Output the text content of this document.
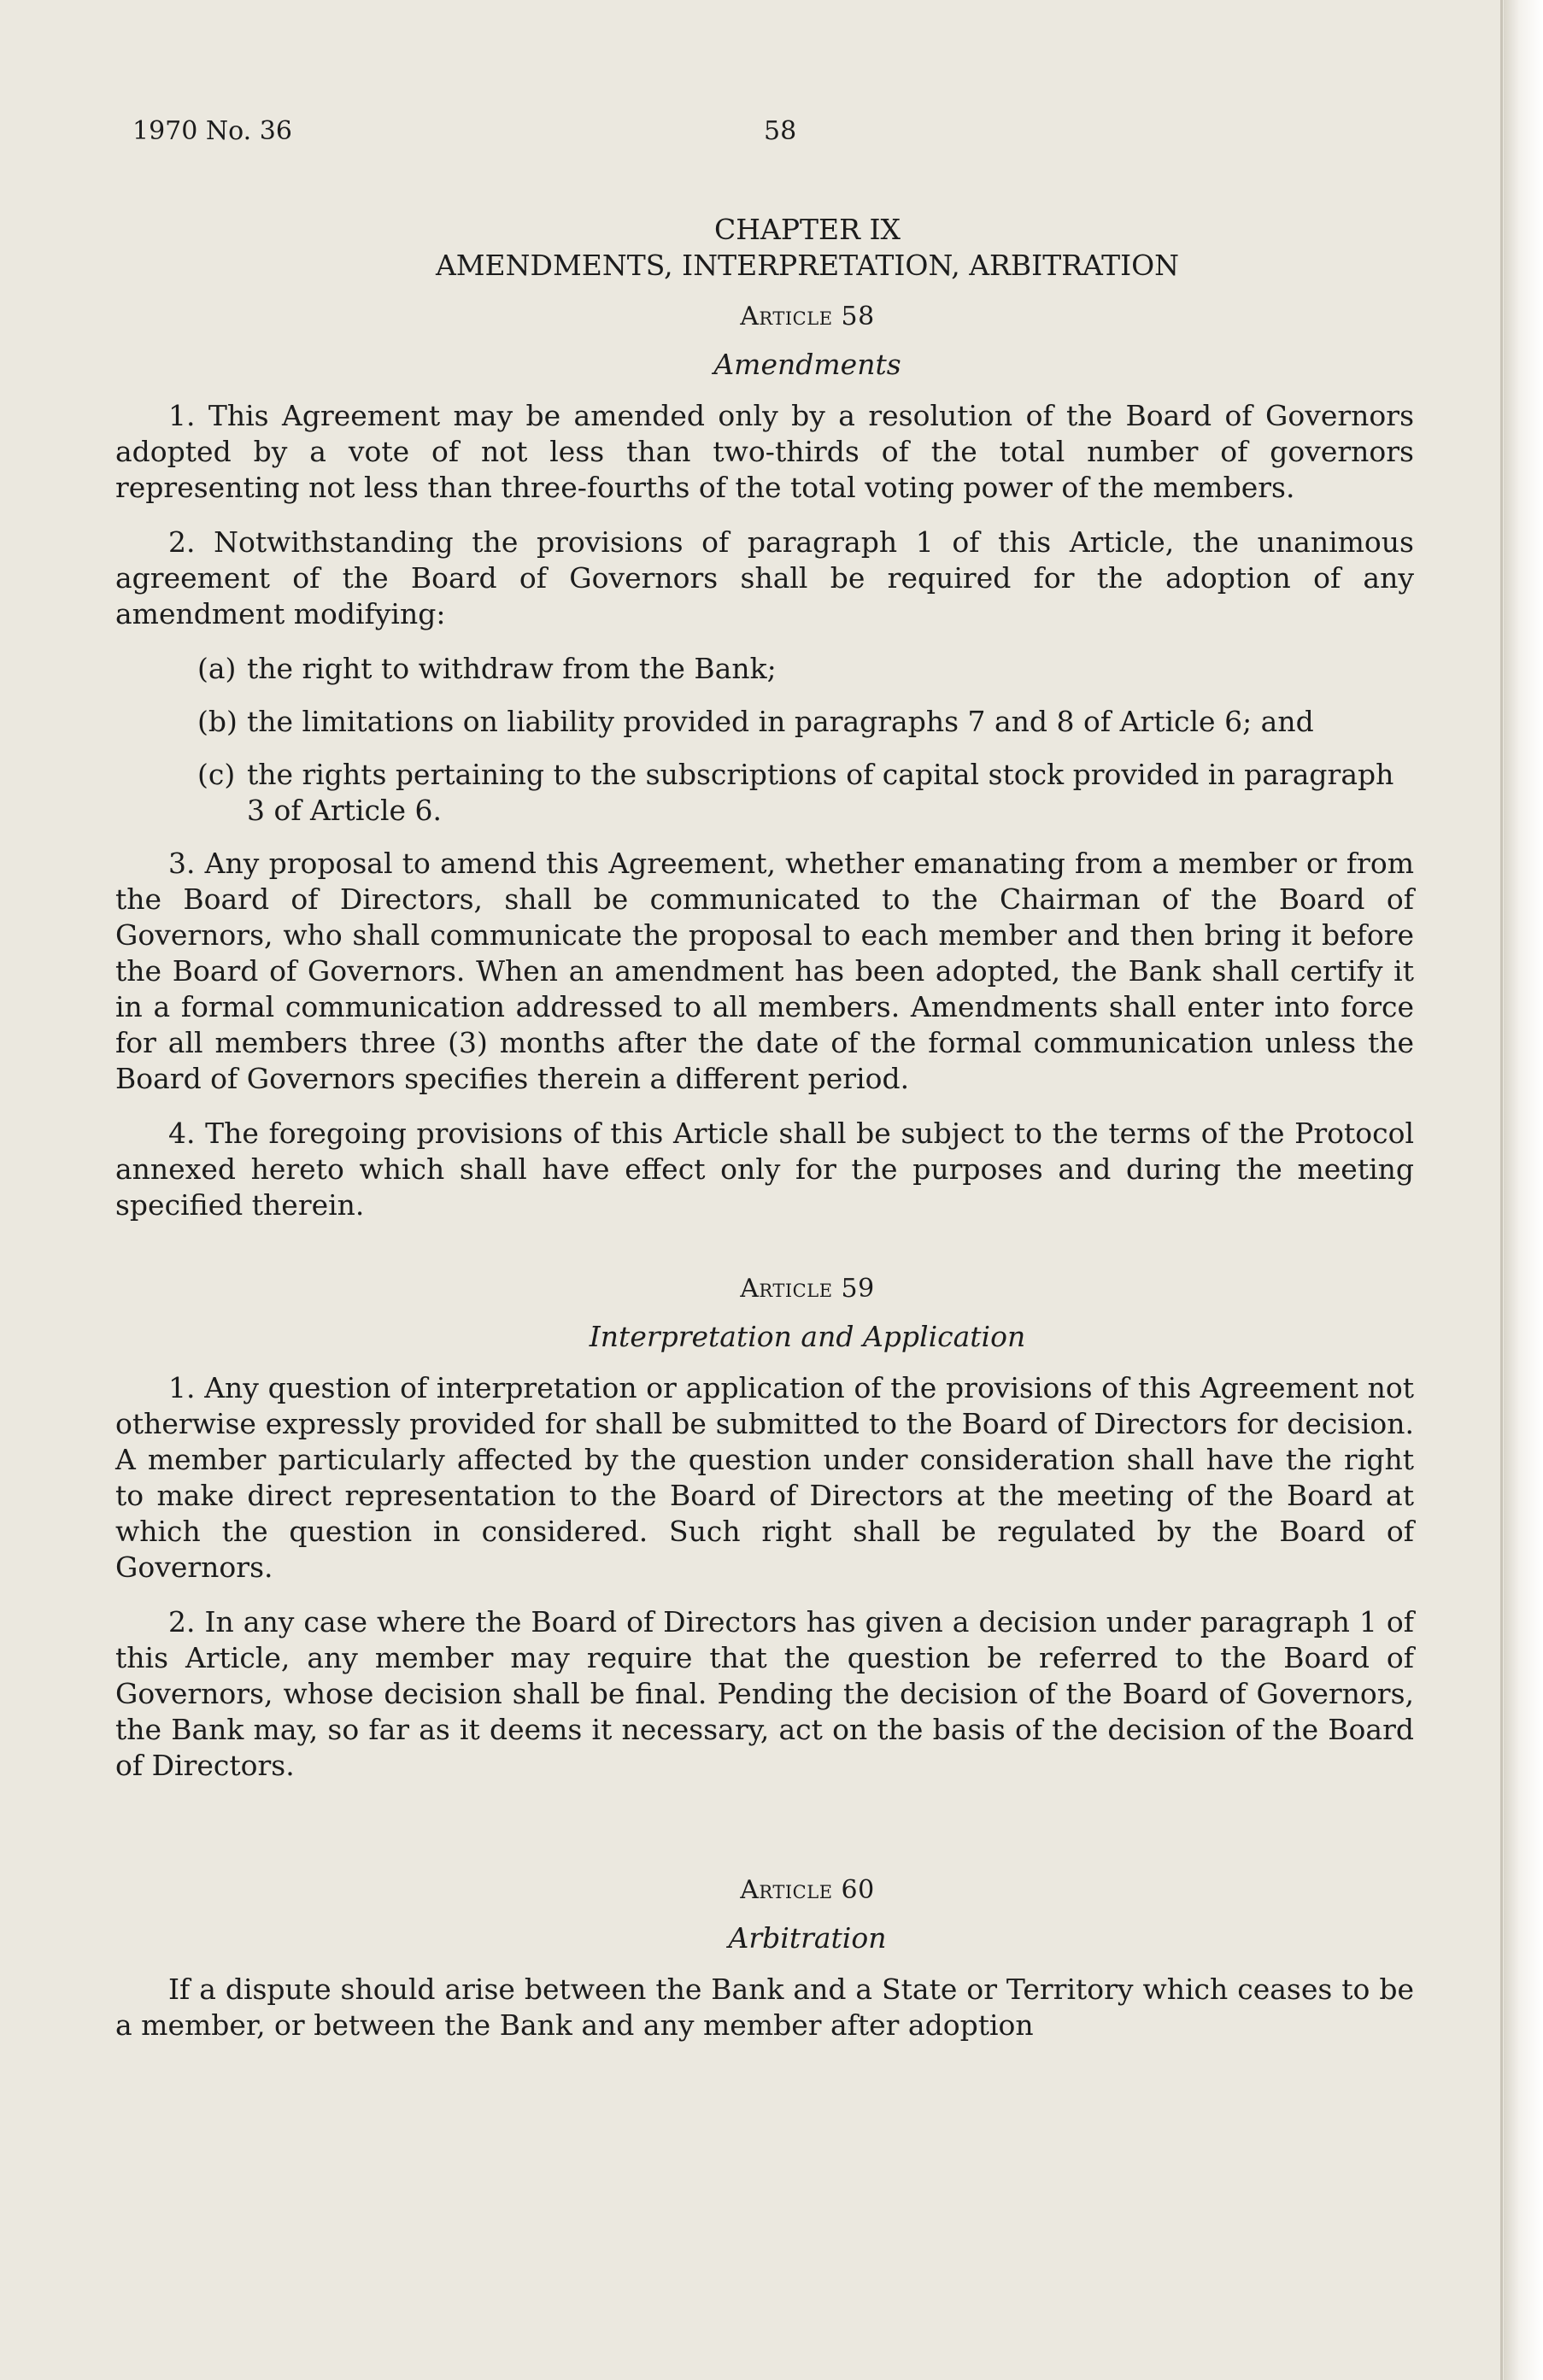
1970 No. 36	58
CHAPTER IX
AMENDMENTS, INTERPRETATION, ARBITRATION
Article 58
Amendments

1. This Agreement may be amended only by a resolution of the Board of Governors adopted by a vote of not less than two-thirds of the total number of governors representing not less than three-fourths of the total voting power of the members.

2. Notwithstanding the provisions of paragraph 1 of this Article, the unanimous agreement of the Board of Governors shall be required for the adoption of any amendment modifying:

(a) the right to withdraw from the Bank;
(b) the limitations on liability provided in paragraphs 7 and 8 of Article 6; and
(c) the rights pertaining to the subscriptions of capital stock provided in paragraph 3 of Article 6.

3. Any proposal to amend this Agreement, whether emanating from a member or from the Board of Directors, shall be communicated to the Chairman of the Board of Governors, who shall communicate the proposal to each member and then bring it before the Board of Governors. When an amendment has been adopted, the Bank shall certify it in a formal communication addressed to all members. Amendments shall enter into force for all members three (3) months after the date of the formal communication unless the Board of Governors specifies therein a different period.

4. The foregoing provisions of this Article shall be subject to the terms of the Protocol annexed hereto which shall have effect only for the purposes and during the meeting specified therein.

Article 59
Interpretation and Application

1. Any question of interpretation or application of the provisions of this Agreement not otherwise expressly provided for shall be submitted to the Board of Directors for decision. A member particularly affected by the question under consideration shall have the right to make direct representation to the Board of Directors at the meeting of the Board at which the question in considered. Such right shall be regulated by the Board of Governors.

2. In any case where the Board of Directors has given a decision under paragraph 1 of this Article, any member may require that the question be referred to the Board of Governors, whose decision shall be final. Pending the decision of the Board of Governors, the Bank may, so far as it deems it necessary, act on the basis of the decision of the Board of Directors.

Article 60
Arbitration

If a dispute should arise between the Bank and a State or Territory which ceases to be a member, or between the Bank and any member after adoption
